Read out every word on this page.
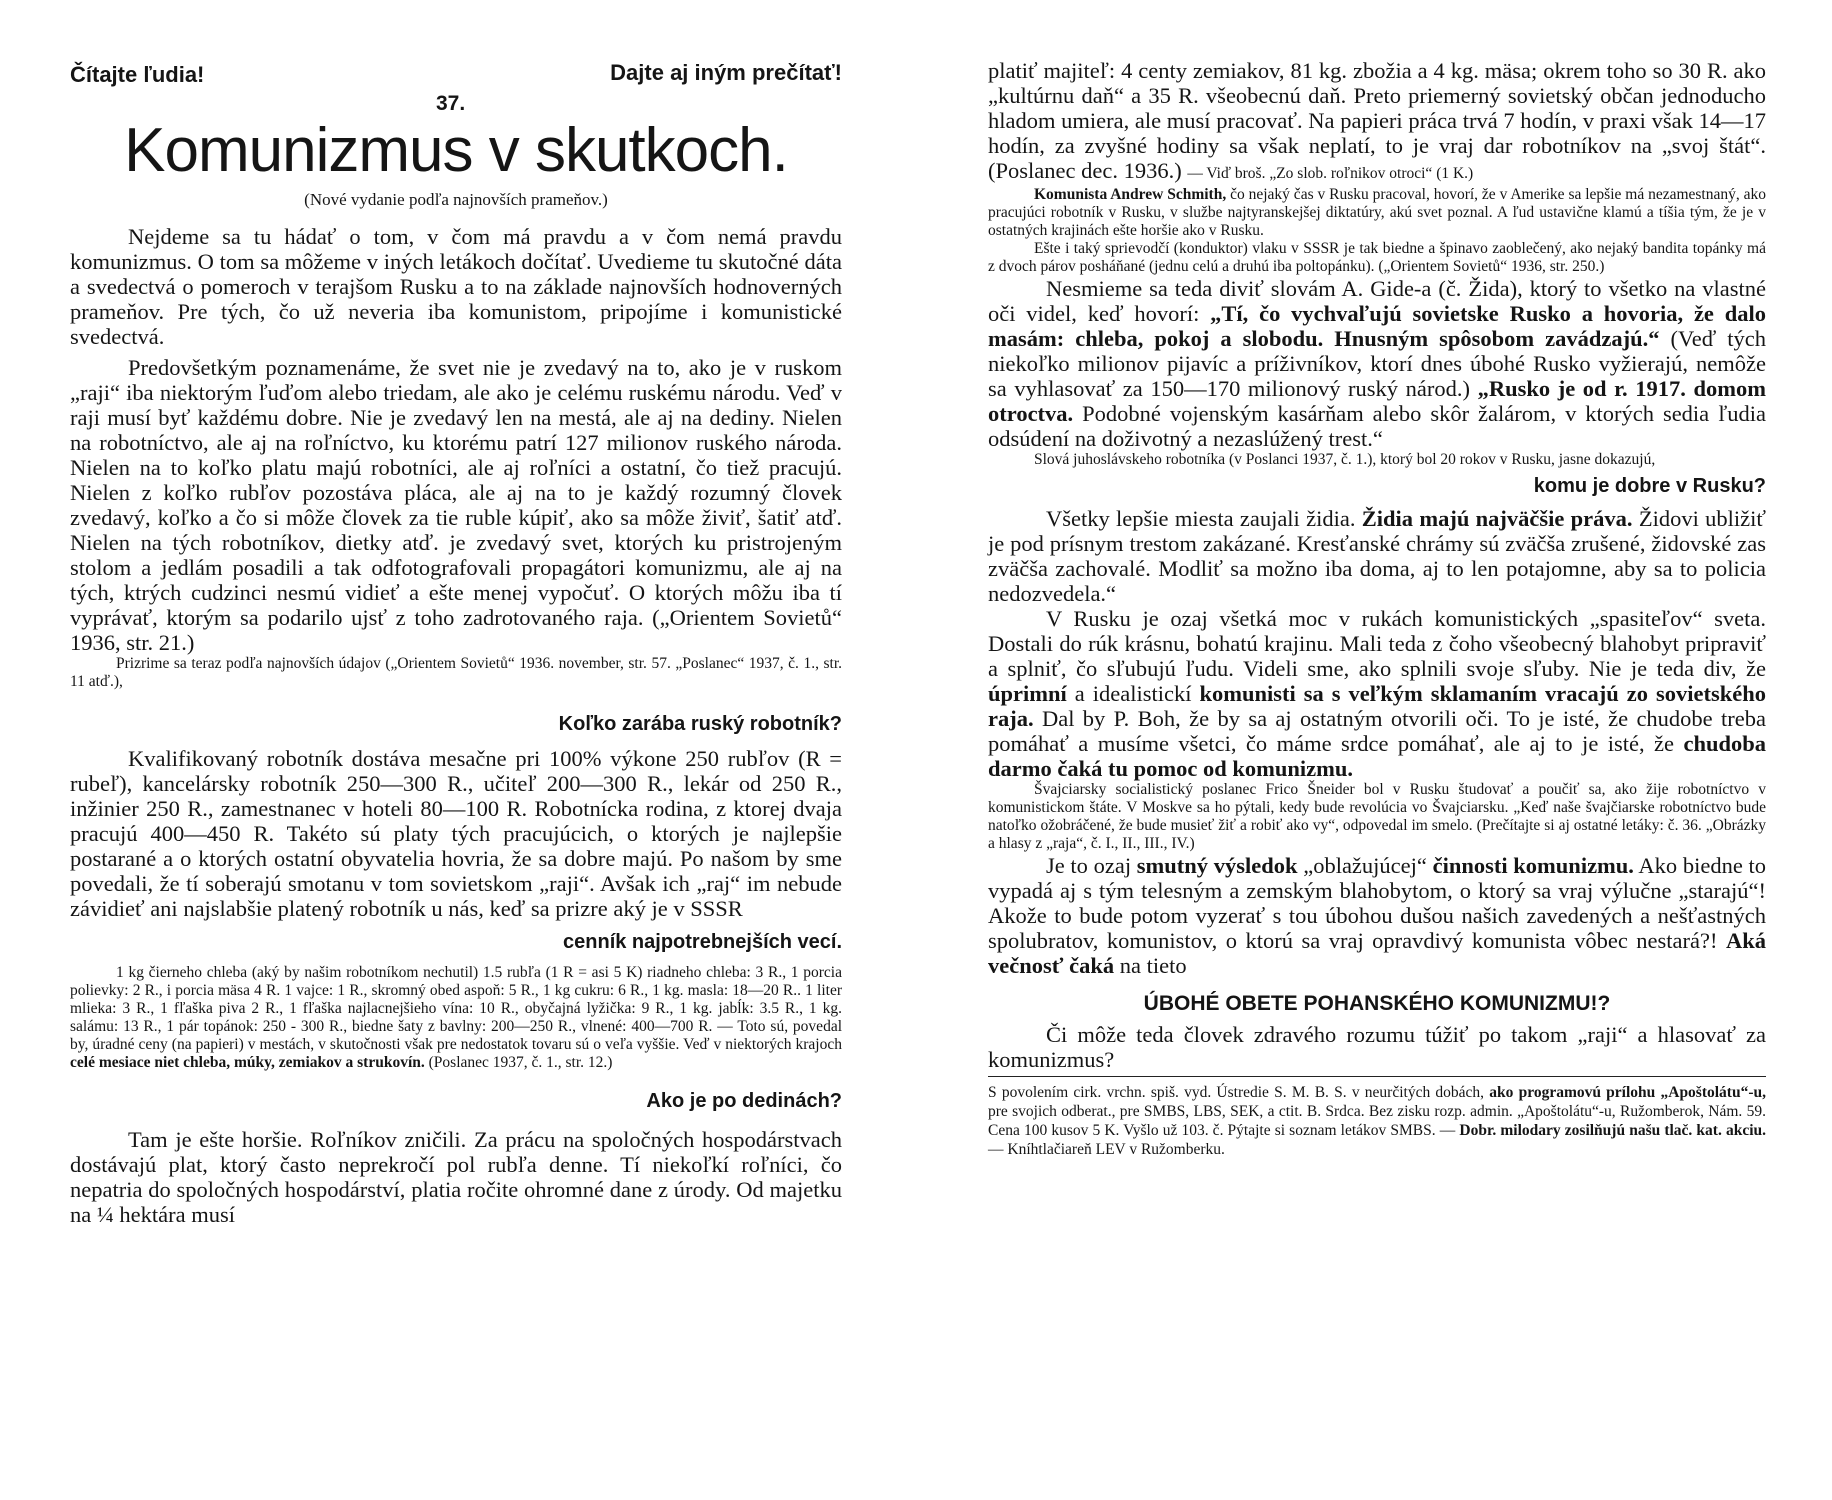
Čítajte ľudia!
37.
Dajte aj iným prečítať!
Komunizmus v skutkoch.
(Nové vydanie podľa najnovších prameňov.)

Nejdeme sa tu hádať o tom, v čom má pravdu a v čom nemá pravdu komunizmus. O tom sa môžeme v iných letákoch dočítať. Uvedieme tu skutočné dáta a svedectvá o pomeroch v terajšom Rusku a to na základe najnovších hodnoverných prameňov. Pre tých, čo už neveria iba komunistom, pripojíme i komunistické svedectvá.

Predovšetkým poznamenáme, že svet nie je zvedavý na to, ako je v ruskom „raji“ iba niektorým ľuďom alebo triedam, ale ako je celému ruskému národu. Veď v raji musí byť každému dobre. Nie je zvedavý len na mestá, ale aj na dediny. Nielen na robotníctvo, ale aj na roľníctvo, ku ktorému patrí 127 milionov ruského národa. Nielen na to koľko platu majú robotníci, ale aj roľníci a ostatní, čo tiež pracujú. Nielen z koľko rubľov pozostáva pláca, ale aj na to je každý rozumný človek zvedavý, koľko a čo si môže človek za tie ruble kúpiť, ako sa môže živiť, šatiť atď. Nielen na tých robotníkov, dietky atď. je zvedavý svet, ktorých ku pristrojeným stolom a jedlám posadili a tak odfotografovali propagátori komunizmu, ale aj na tých, ktrých cudzinci nesmú vidieť a ešte menej vypočuť. O ktorých môžu iba tí vyprávať, ktorým sa podarilo ujsť z toho zadrotovaného raja. („Orientem Sovietů“ 1936, str. 21.)

Prizrime sa teraz podľa najnovších údajov („Orientem Sovietů“ 1936. november, str. 57. „Poslanec“ 1937, č. 1., str. 11 atď.),

Koľko zarába ruský robotník?

Kvalifikovaný robotník dostáva mesačne pri 100% výkone 250 rubľov (R = rubeľ), kancelársky robotník 250—300 R., učiteľ 200—300 R., lekár od 250 R., inžinier 250 R., zamestnanec v hoteli 80—100 R. Robotnícka rodina, z ktorej dvaja pracujú 400—450 R. Takéto sú platy tých pracujúcich, o ktorých je najlepšie postarané a o ktorých ostatní obyvatelia hovria, že sa dobre majú. Po našom by sme povedali, že tí soberajú smotanu v tom sovietskom „raji“. Avšak ich „raj“ im nebude závidieť ani najslabšie platený robotník u nás, keď sa prizre aký je v SSSR

cenník najpotrebnejších vecí.

1 kg čierneho chleba (aký by našim robotníkom nechutil) 1.5 rubľa (1 R = asi 5 K) riadneho chleba: 3 R., 1 porcia polievky: 2 R., i porcia mäsa 4 R. 1 vajce: 1 R., skromný obed aspoň: 5 R., 1 kg cukru: 6 R., 1 kg. masla: 18—20 R.. 1 liter mlieka: 3 R., 1 fľaška piva 2 R., 1 fľaška najlacnejšieho vína: 10 R., obyčajná lyžička: 9 R., 1 kg. jabĺk: 3.5 R., 1 kg. salámu: 13 R., 1 pár topánok: 250 - 300 R., biedne šaty z bavlny: 200—250 R., vlnené: 400—700 R. — Toto sú, povedal by, úradné ceny (na papieri) v mestách, v skutočnosti však pre nedostatok tovaru sú o veľa vyššie. Veď v niektorých krajoch celé mesiace niet chleba, múky, zemiakov a strukovín. (Poslanec 1937, č. 1., str. 12.)

Ako je po dedinách?

Tam je ešte horšie. Roľníkov zničili. Za prácu na spoločných hospodárstvach dostávajú plat, ktorý často neprekročí pol rubľa denne. Tí niekoľkí roľníci, čo nepatria do spoločných hospodárství, platia ročite ohromné dane z úrody. Od majetku na ¼ hektára musí

platiť majiteľ: 4 centy zemiakov, 81 kg. zbožia a 4 kg. mäsa; okrem toho so 30 R. ako „kultúrnu daň“ a 35 R. všeobecnú daň. Preto priemerný sovietský občan jednoducho hladom umiera, ale musí pracovať. Na papieri práca trvá 7 hodín, v praxi však 14—17 hodín, za zvyšné hodiny sa však neplatí, to je vraj dar robotníkov na „svoj štát“. (Poslanec dec. 1936.) — Viď broš. „Zo slob. roľnikov otroci“ (1 K.)

Komunista Andrew Schmith, čo nejaký čas v Rusku pracoval, hovorí, že v Amerike sa lepšie má nezamestnaný, ako pracujúci robotník v Rusku, v službe najtyranskejšej diktatúry, akú svet poznal. A ľud ustavične klamú a tíšia tým, že je v ostatných krajinách ešte horšie ako v Rusku.

Ešte i taký sprievodčí (konduktor) vlaku v SSSR je tak biedne a špinavo zaoblečený, ako nejaký bandita topánky má z dvoch párov posháňané (jednu celú a druhú iba poltopánku). („Orientem Sovietů“ 1936, str. 250.)

Nesmieme sa teda diviť slovám A. Gide-a (č. Žida), ktorý to všetko na vlastné oči videl, keď hovorí: „Tí, čo vychvaľujú sovietske Rusko a hovoria, že dalo masám: chleba, pokoj a slobodu. Hnusným spôsobom zavádzajú.“ (Veď tých niekoľko milionov pijavíc a príživníkov, ktorí dnes úbohé Rusko vyžierajú, nemôže sa vyhlasovať za 150—170 milionový ruský národ.) „Rusko je od r. 1917. domom otroctva. Podobné vojenským kasárňam alebo skôr žalárom, v ktorých sedia ľudia odsúdení na doživotný a nezaslúžený trest.“

Slová juhoslávskeho robotníka (v Poslanci 1937, č. 1.), ktorý bol 20 rokov v Rusku, jasne dokazujú,

komu je dobre v Rusku?

Všetky lepšie miesta zaujali židia. Židia majú najväčšie práva. Židovi ubližiť je pod prísnym trestom zakázané. Kresťanské chrámy sú zväčša zrušené, židovské zas zväčša zachovalé. Modliť sa možno iba doma, aj to len potajomne, aby sa to policia nedozvedela.“

V Rusku je ozaj všetká moc v rukách komunistických „spasiteľov“ sveta. Dostali do rúk krásnu, bohatú krajinu. Mali teda z čoho všeobecný blahobyt pripraviť a splniť, čo sľubujú ľudu. Videli sme, ako splnili svoje sľuby. Nie je teda div, že úprimní a idealistickí komunisti sa s veľkým sklamaním vracajú zo sovietského raja. Dal by P. Boh, že by sa aj ostatným otvorili oči. To je isté, že chudobe treba pomáhať a musíme všetci, čo máme srdce pomáhať, ale aj to je isté, že chudoba darmo čaká tu pomoc od komunizmu.

Švajciarsky socialistický poslanec Frico Šneider bol v Rusku študovať a poučiť sa, ako žije robotníctvo v komunistickom štáte. V Moskve sa ho pýtali, kedy bude revolúcia vo Švajciarsku. „Keď naše švajčiarske robotníctvo bude natoľko ožobráčené, že bude musieť žiť a robiť ako vy“, odpovedal im smelo. (Prečítajte si aj ostatné letáky: č. 36. „Obrázky a hlasy z „raja“, č. I., II., III., IV.)

Je to ozaj smutný výsledok „oblažujúcej“ činnosti komunizmu. Ako biedne to vypadá aj s tým telesným a zemským blahobytom, o ktorý sa vraj výlučne „starajú“! Akože to bude potom vyzerať s tou úbohou dušou našich zavedených a nešťastných spolubratov, komunistov, o ktorú sa vraj opravdivý komunista vôbec nestará?! Aká večnosť čaká na tieto

ÚBOHÉ OBETE POHANSKÉHO KOMUNIZMU!?

Či môže teda človek zdravého rozumu túžiť po takom „raji“ a hlasovať za komunizmus?

S povolením cirk. vrchn. spiš. vyd. Ústredie S. M. B. S. v neurčitých dobách, ako programovú prílohu „Apoštolátu“-u, pre svojich odberat., pre SMBS, LBS, SEK, a ctit. B. Srdca. Bez zisku rozp. admin. „Apoštolátu“-u, Ružomberok, Nám. 59. Cena 100 kusov 5 K. Vyšlo už 103. č. Pýtajte si soznam letákov SMBS. — Dobr. milodary zosilňujú našu tlač. kat. akciu. — Kníhtlačiareň LEV v Ružomberku.
